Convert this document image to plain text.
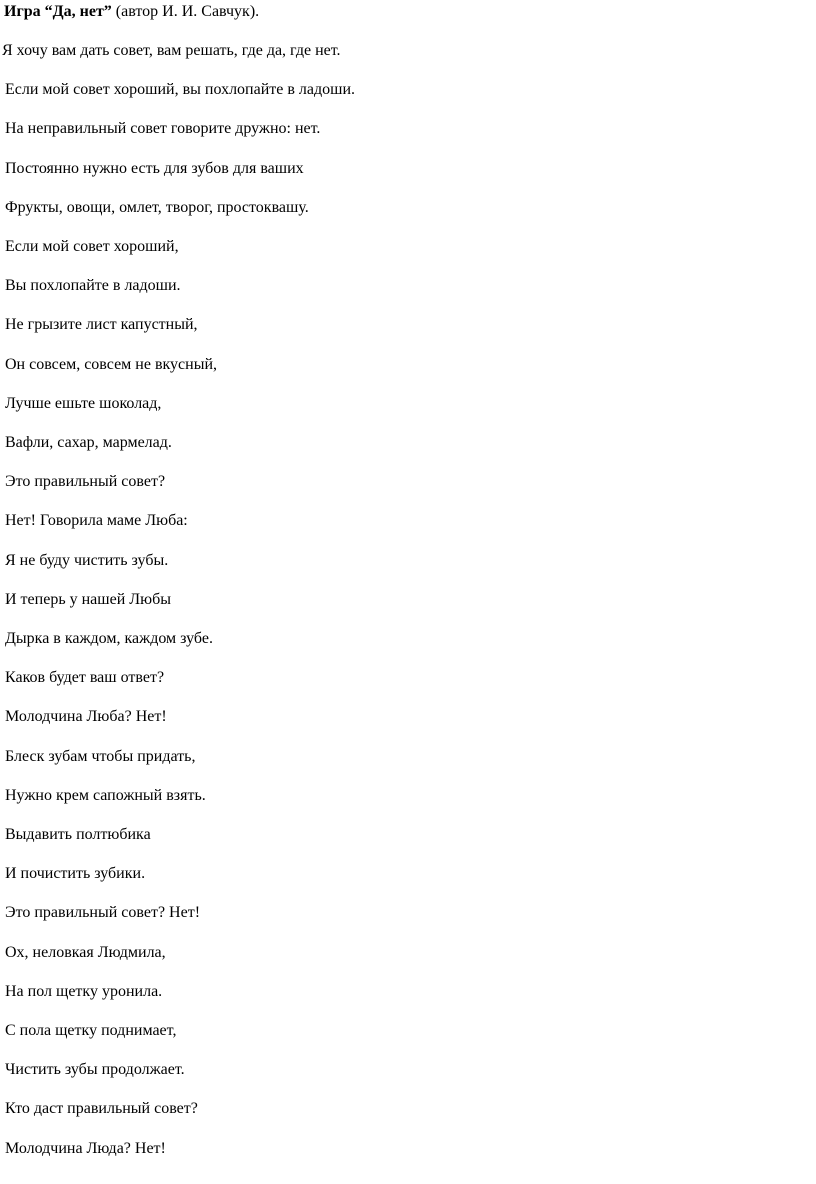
Игра “Да, нет” (автор И. И. Савчук).
Я хочу вам дать совет, вам решать, где да, где нет.
Если мой совет хороший, вы похлопайте в ладоши.
На неправильный совет говорите дружно: нет.
Постоянно нужно есть для зубов для ваших
Фрукты, овощи, омлет, творог, простоквашу.
Если мой совет хороший,
Вы похлопайте в ладоши.
Не грызите лист капустный,
Он совсем, совсем не вкусный,
Лучше ешьте шоколад,
Вафли, сахар, мармелад.
Это правильный совет?
Нет! Говорила маме Люба:
Я не буду чистить зубы.
И теперь у нашей Любы
Дырка в каждом, каждом зубе.
Каков будет ваш ответ?
Молодчина Люба? Нет!
Блеск зубам чтобы придать,
Нужно крем сапожный взять.
Выдавить полтюбика
И почистить зубики.
Это правильный совет? Нет!
Ох, неловкая Людмила,
На пол щетку уронила.
С пола щетку поднимает,
Чистить зубы продолжает.
Кто даст правильный совет?
Молодчина Люда? Нет!
